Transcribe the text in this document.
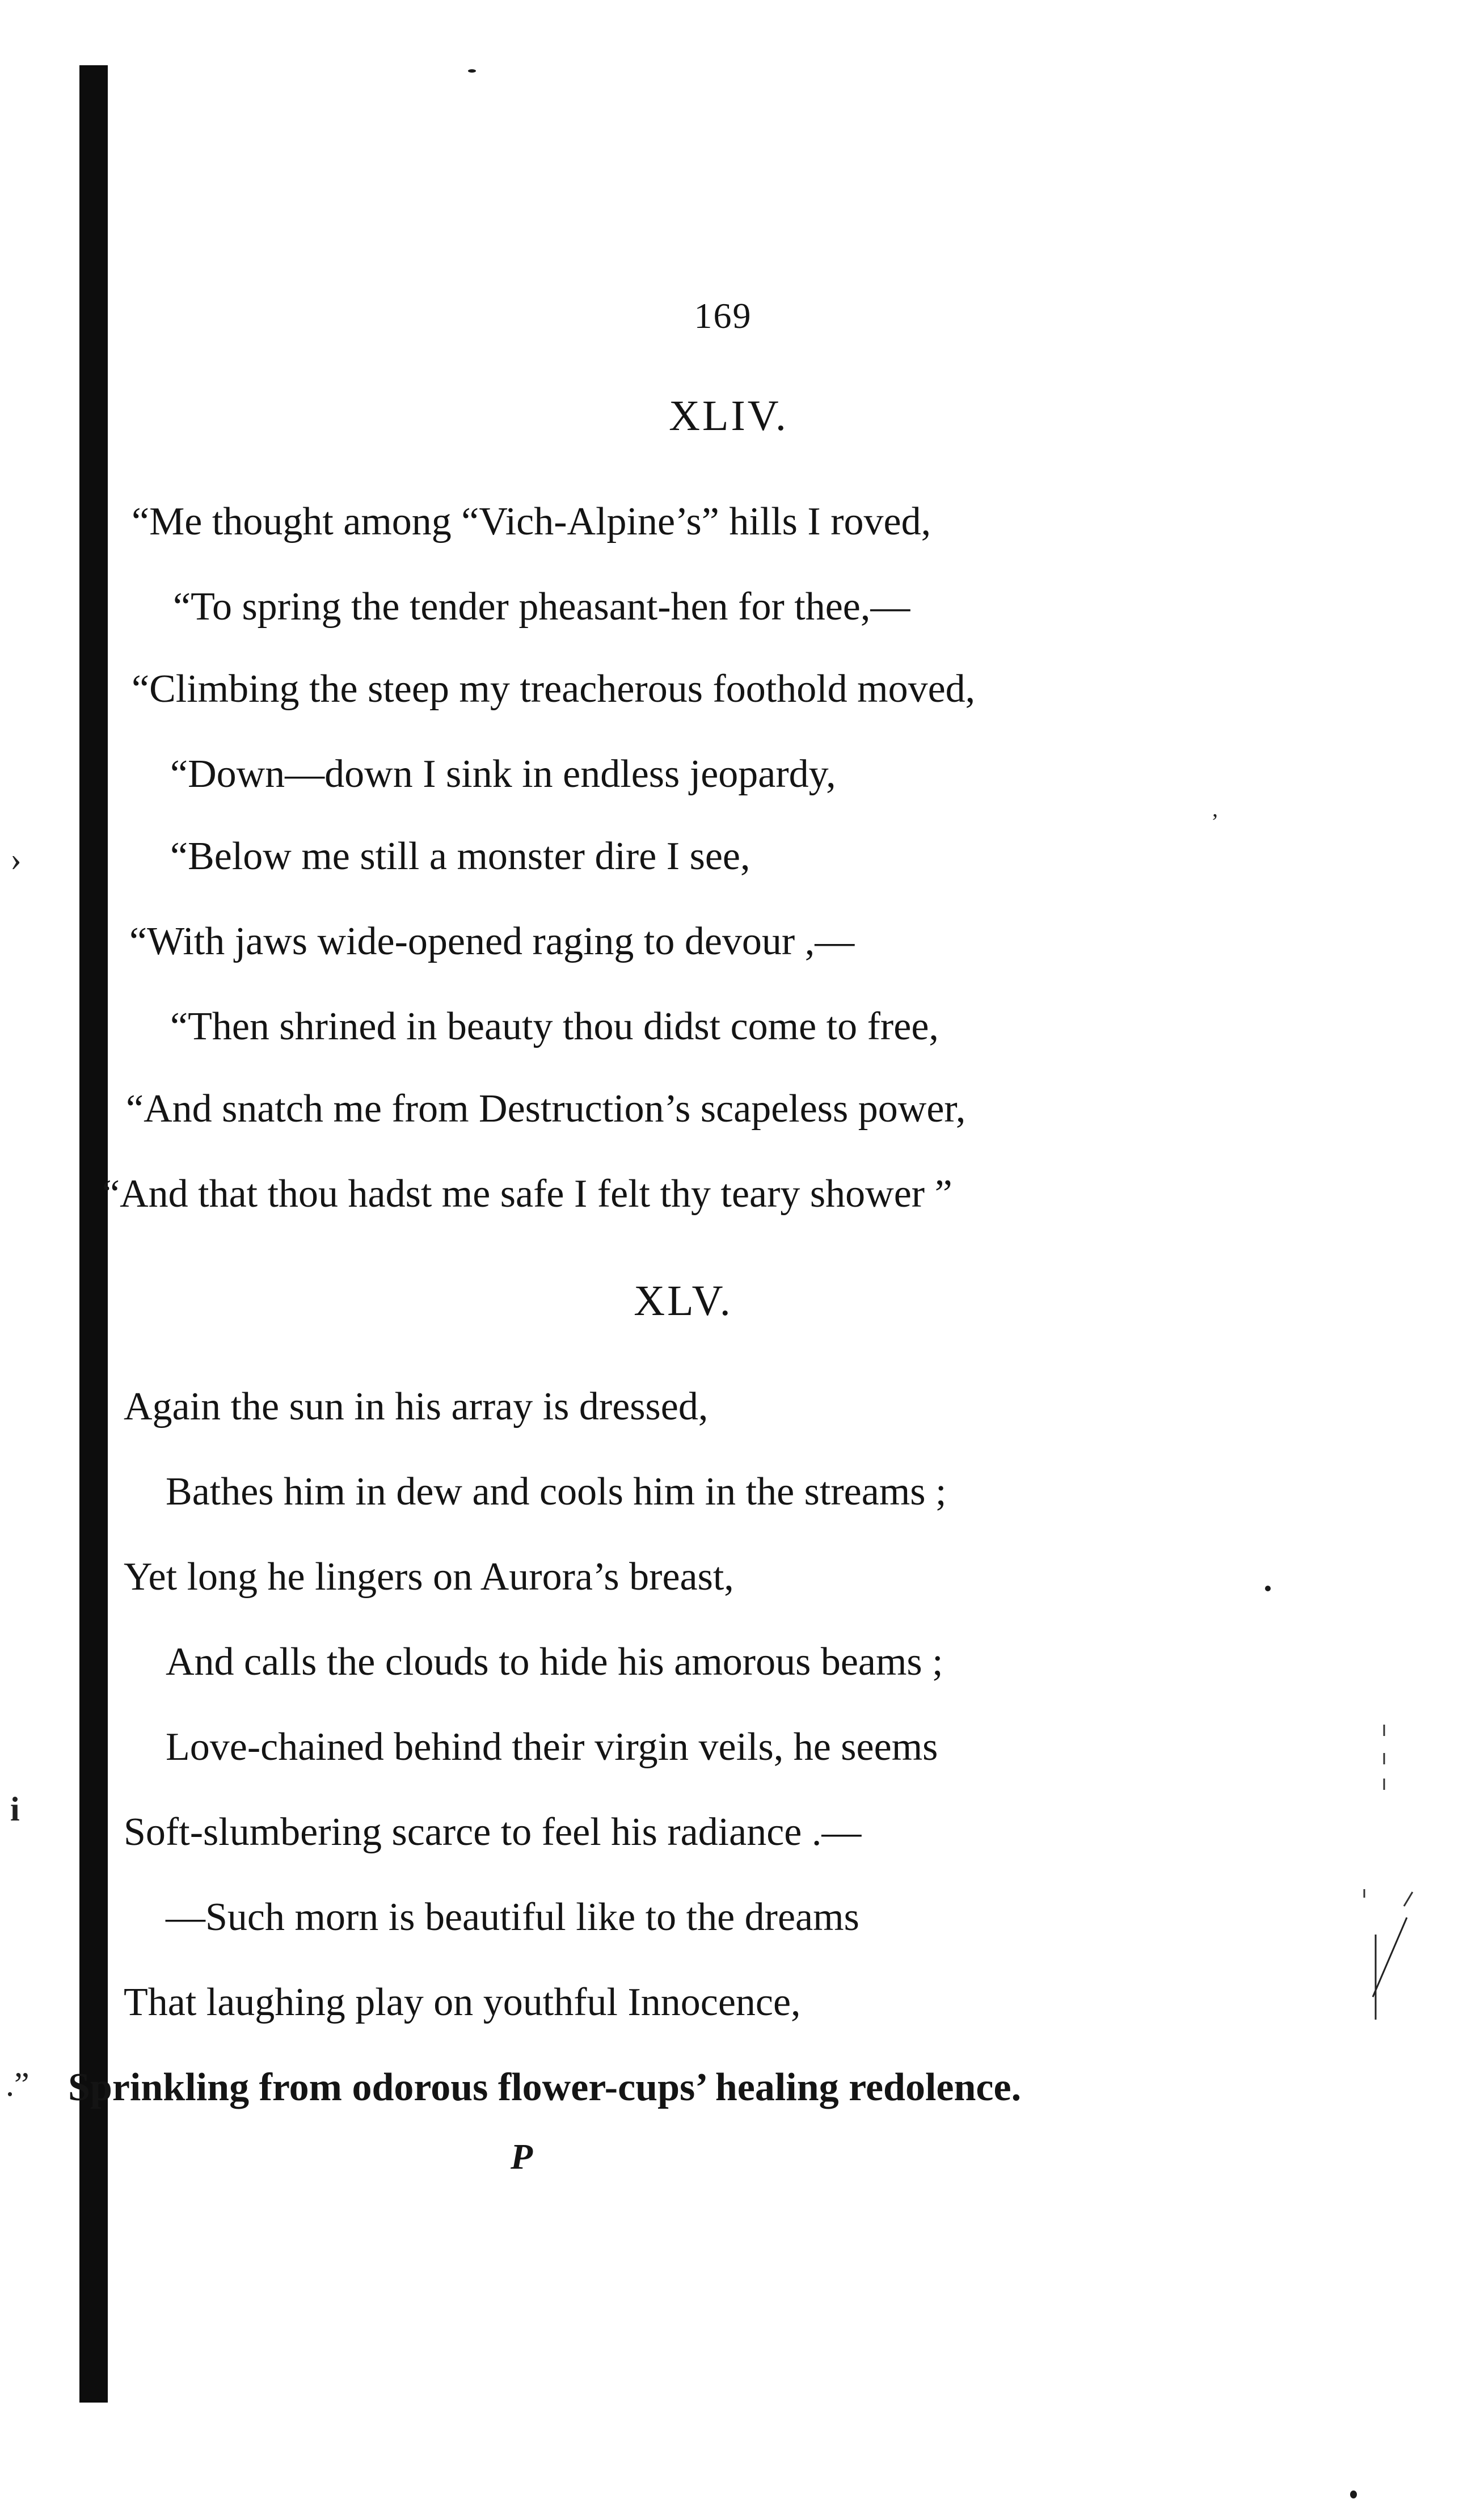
›
i
.”
ʼ
169
XLIV.
“Me thought among “Vich-Alpine’s” hills I roved,
“To spring the tender pheasant-hen for thee,—
“Climbing the steep my treacherous foothold moved,
“Down—down I sink in endless jeopardy,
“Below me still a monster dire I see,
“With jaws wide-opened raging to devour ,—
“Then shrined in beauty thou didst come to free,
“And snatch me from Destruction’s scapeless power,
“And that thou hadst me safe I felt thy teary shower ”
XLV.
Again the sun in his array is dressed,
Bathes him in dew and cools him in the streams ;
Yet long he lingers on Aurora’s breast,
And calls the clouds to hide his amorous beams ;
Love-chained behind their virgin veils, he seems
Soft-slumbering scarce to feel his radiance .—
—Such morn is beautiful like to the dreams
That laughing play on youthful Innocence,
Sprinkling from odorous flower-cups’ healing redolence.
P
